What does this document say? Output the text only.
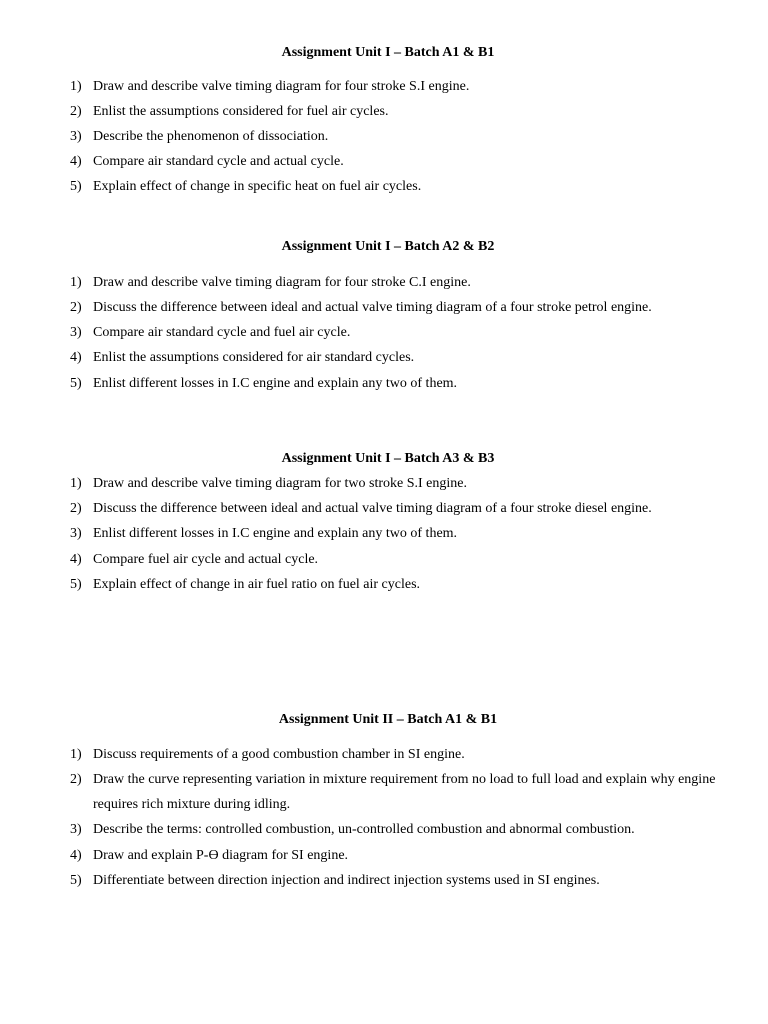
Assignment Unit I – Batch A1 & B1
1) Draw and describe valve timing diagram for four stroke S.I engine.
2) Enlist the assumptions considered for fuel air cycles.
3) Describe the phenomenon of dissociation.
4) Compare air standard cycle and actual cycle.
5) Explain effect of change in specific heat on fuel air cycles.
Assignment Unit I – Batch A2 & B2
1) Draw and describe valve timing diagram for four stroke C.I engine.
2) Discuss the difference between ideal and actual valve timing diagram of a four stroke petrol engine.
3) Compare air standard cycle and fuel air cycle.
4) Enlist the assumptions considered for air standard cycles.
5) Enlist different losses in I.C engine and explain any two of them.
Assignment Unit I – Batch A3 & B3
1) Draw and describe valve timing diagram for two stroke S.I engine.
2) Discuss the difference between ideal and actual valve timing diagram of a four stroke diesel engine.
3) Enlist different losses in I.C engine and explain any two of them.
4) Compare fuel air cycle and actual cycle.
5) Explain effect of change in air fuel ratio on fuel air cycles.
Assignment Unit II – Batch A1 & B1
1) Discuss requirements of a good combustion chamber in SI engine.
2) Draw the curve representing variation in mixture requirement from no load to full load and explain why engine requires rich mixture during idling.
3) Describe the terms: controlled combustion, un-controlled combustion and abnormal combustion.
4) Draw and explain P-ϴ diagram for SI engine.
5) Differentiate between direction injection and indirect injection systems used in SI engines.
